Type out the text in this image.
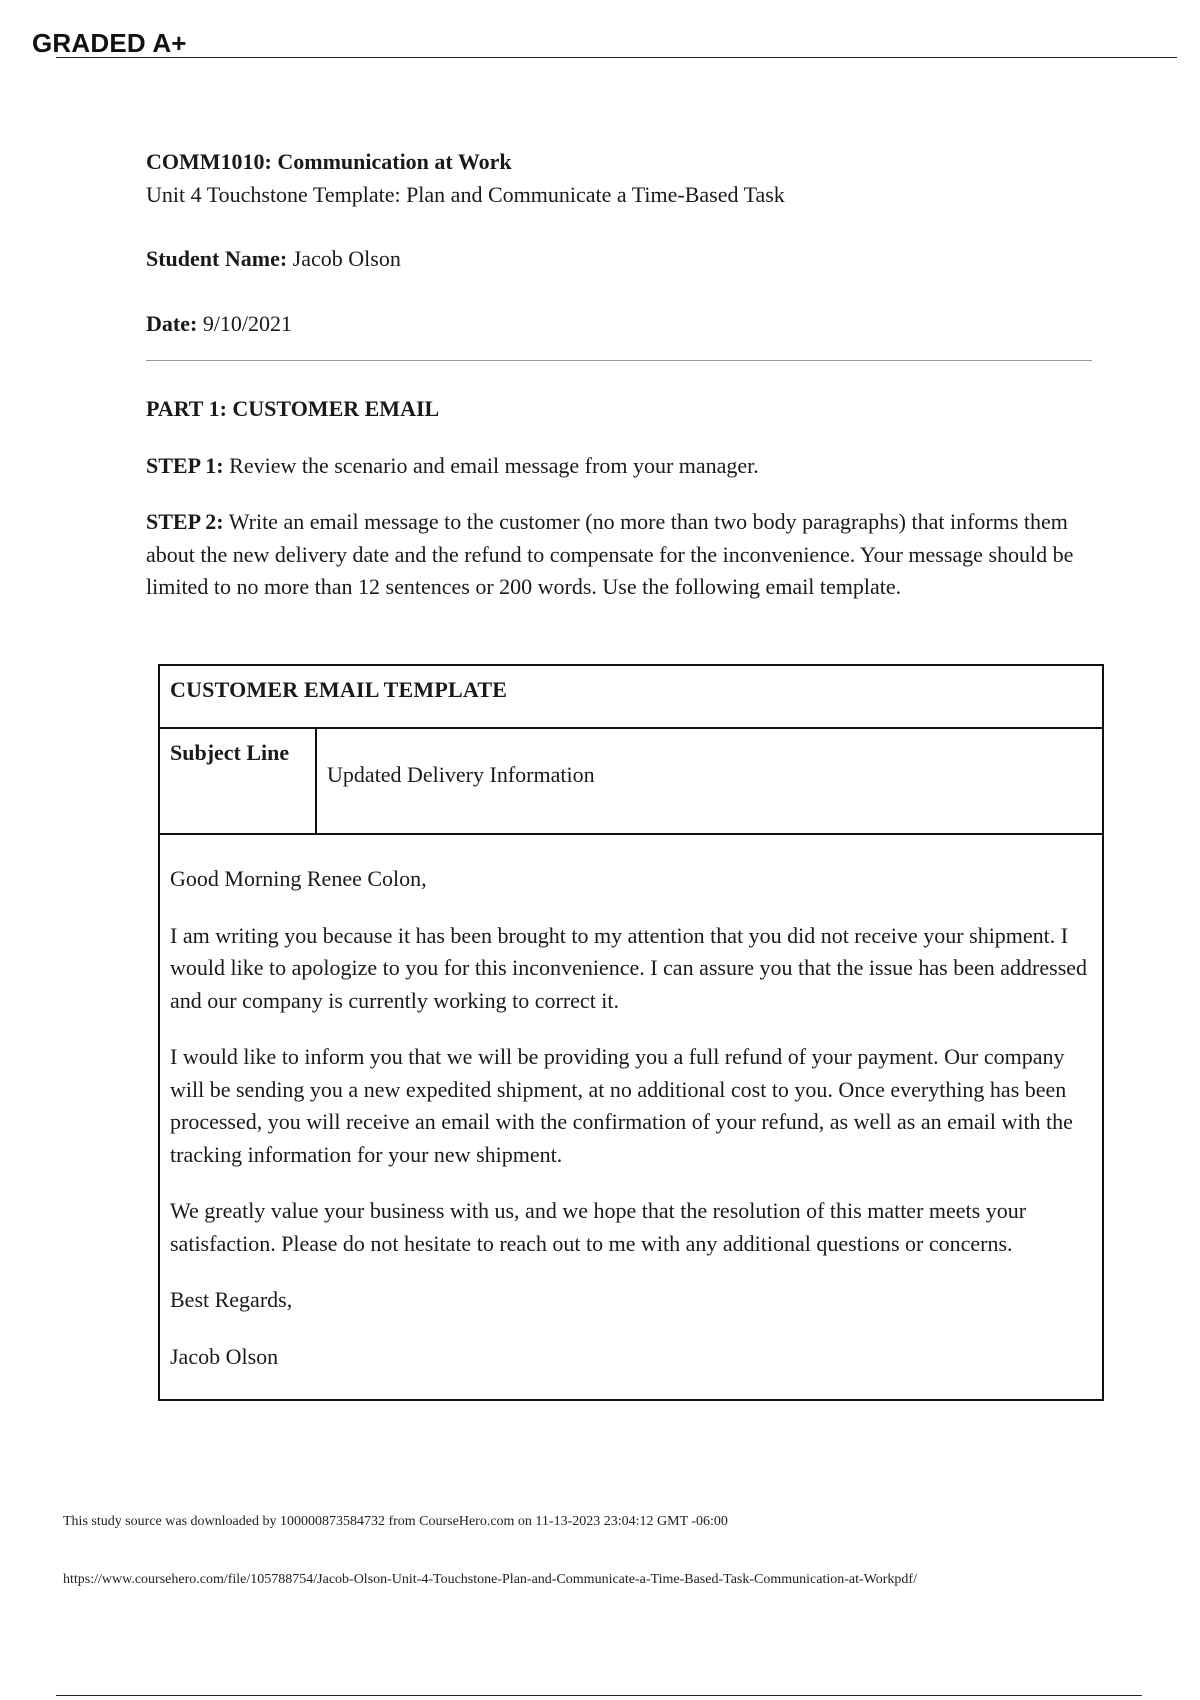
GRADED A+

COMM1010: Communication at Work

Unit 4 Touchstone Template: Plan and Communicate a Time-Based Task

Student Name: Jacob Olson

Date: 9/10/2021

PART 1: CUSTOMER EMAIL

STEP 1: Review the scenario and email message from your manager.

STEP 2: Write an email message to the customer (no more than two body paragraphs) that informs them about the new delivery date and the refund to compensate for the inconvenience. Your message should be limited to no more than 12 sentences or 200 words. Use the following email template.

CUSTOMER EMAIL TEMPLATE
Subject Line
Updated Delivery Information

Good Morning Renee Colon,

I am writing you because it has been brought to my attention that you did not receive your shipment. I would like to apologize to you for this inconvenience. I can assure you that the issue has been addressed and our company is currently working to correct it.

I would like to inform you that we will be providing you a full refund of your payment. Our company will be sending you a new expedited shipment, at no additional cost to you. Once everything has been processed, you will receive an email with the confirmation of your refund, as well as an email with the tracking information for your new shipment.

We greatly value your business with us, and we hope that the resolution of this matter meets your satisfaction. Please do not hesitate to reach out to me with any additional questions or concerns.

Best Regards,

Jacob Olson

This study source was downloaded by 100000873584732 from CourseHero.com on 11-13-2023 23:04:12 GMT -06:00
https://www.coursehero.com/file/105788754/Jacob-Olson-Unit-4-Touchstone-Plan-and-Communicate-a-Time-Based-Task-Communication-at-Workpdf/
